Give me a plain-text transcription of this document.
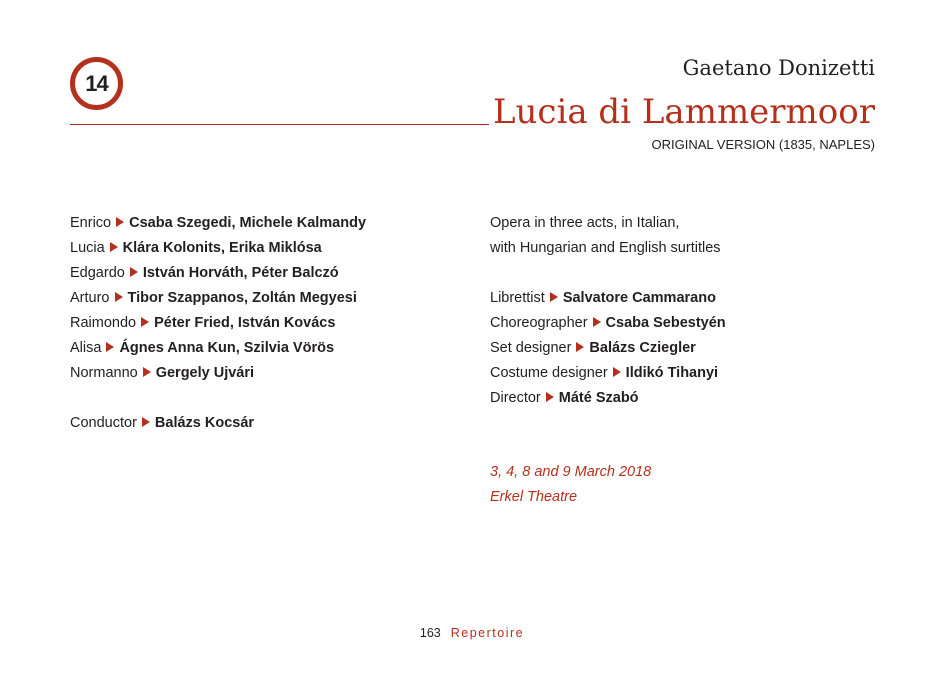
14
Gaetano Donizetti
Lucia di Lammermoor
ORIGINAL VERSION (1835, NAPLES)
Enrico Csaba Szegedi, Michele Kalmandy
Lucia Klára Kolonits, Erika Miklósa
Edgardo István Horváth, Péter Balczó
Arturo Tibor Szappanos, Zoltán Megyesi
Raimondo Péter Fried, István Kovács
Alisa Ágnes Anna Kun, Szilvia Vörös
Normanno Gergely Ujvári
Conductor Balázs Kocsár
Opera in three acts, in Italian,
with Hungarian and English surtitles
Librettist Salvatore Cammarano
Choreographer Csaba Sebestyén
Set designer Balázs Cziegler
Costume designer Ildikó Tihanyi
Director Máté Szabó
3, 4, 8 and 9 March 2018
Erkel Theatre
163 Repertoire
